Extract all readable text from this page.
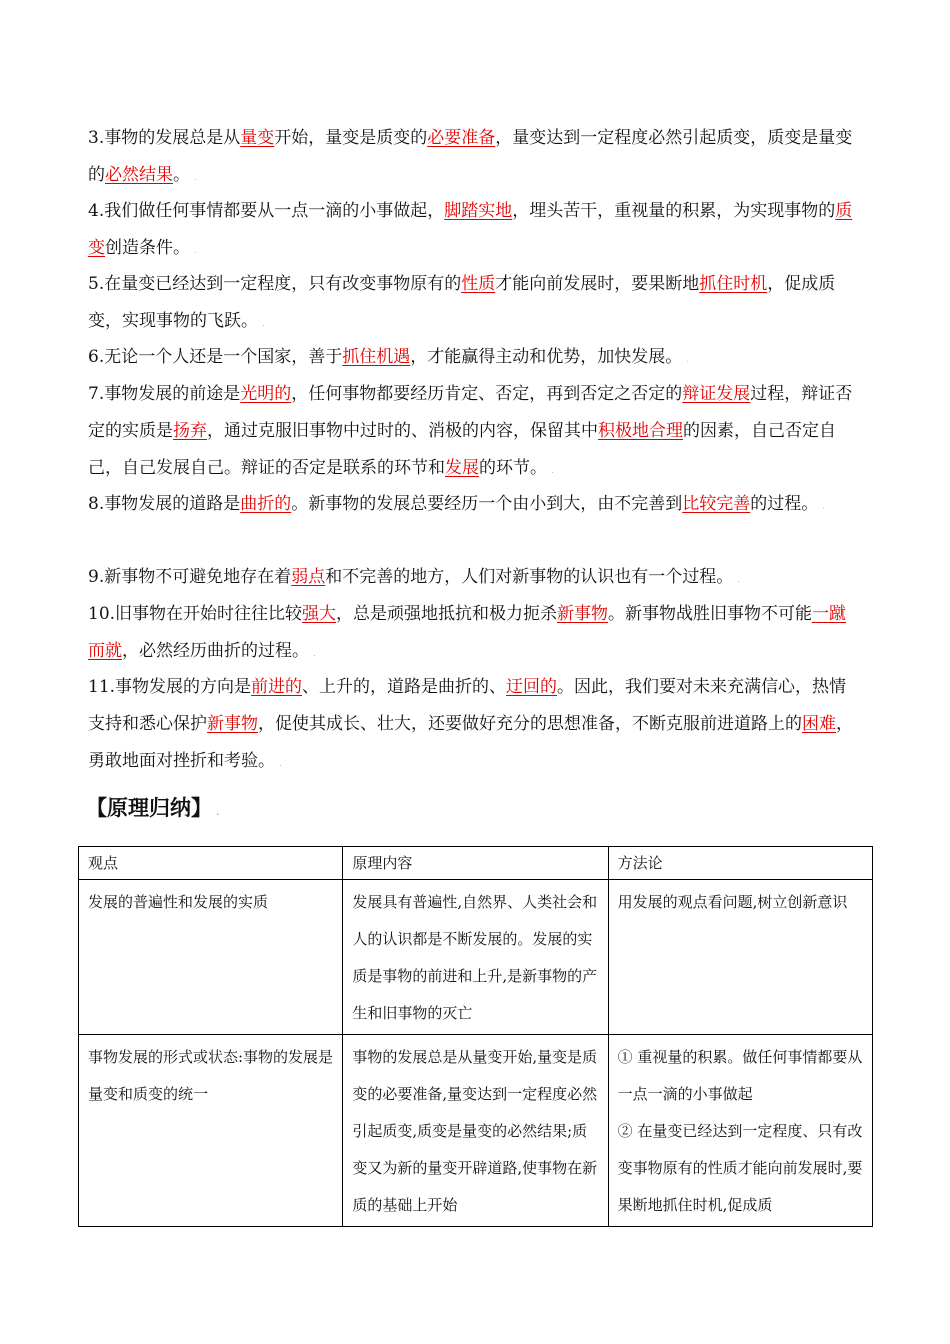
3.事物的发展总是从量变开始，量变是质变的必要准备，量变达到一定程度必然引起质变，质变是量变的必然结果。 .

4.我们做任何事情都要从一点一滴的小事做起，脚踏实地，埋头苦干，重视量的积累，为实现事物的质变创造条件。 .

5.在量变已经达到一定程度，只有改变事物原有的性质才能向前发展时，要果断地抓住时机，促成质变，实现事物的飞跃。 .

6.无论一个人还是一个国家，善于抓住机遇，才能赢得主动和优势，加快发展。 .

7.事物发展的前途是光明的，任何事物都要经历肯定、否定，再到否定之否定的辩证发展过程，辩证否定的实质是扬弃，通过克服旧事物中过时的、消极的内容，保留其中积极地合理的因素，自己否定自己，自己发展自己。辩证的否定是联系的环节和发展的环节。 .

8.事物发展的道路是曲折的。新事物的发展总要经历一个由小到大，由不完善到比较完善的过程。 .

9.新事物不可避免地存在着弱点和不完善的地方，人们对新事物的认识也有一个过程。 .

10.旧事物在开始时往往比较强大，总是顽强地抵抗和极力扼杀新事物。新事物战胜旧事物不可能一蹴而就，必然经历曲折的过程。 .

11.事物发展的方向是前进的、上升的，道路是曲折的、迂回的。因此，我们要对未来充满信心，热情支持和悉心保护新事物，促使其成长、壮大，还要做好充分的思想准备，不断克服前进道路上的困难，勇敢地面对挫折和考验。 .

【原理归纳】 .
观点	原理内容	方法论
发展的普遍性和发展的实质	发展具有普遍性,自然界、人类社会和人的认识都是不断发展的。发展的实质是事物的前进和上升,是新事物的产生和旧事物的灭亡	用发展的观点看问题,树立创新意识
事物发展的形式或状态:事物的发展是量变和质变的统一	事物的发展总是从量变开始,量变是质变的必要准备,量变达到一定程度必然引起质变,质变是量变的必然结果;质变又为新的量变开辟道路,使事物在新质的基础上开始	① 重视量的积累。做任何事情都要从一点一滴的小事做起
② 在量变已经达到一定程度、只有改变事物原有的性质才能向前发展时,要果断地抓住时机,促成质
